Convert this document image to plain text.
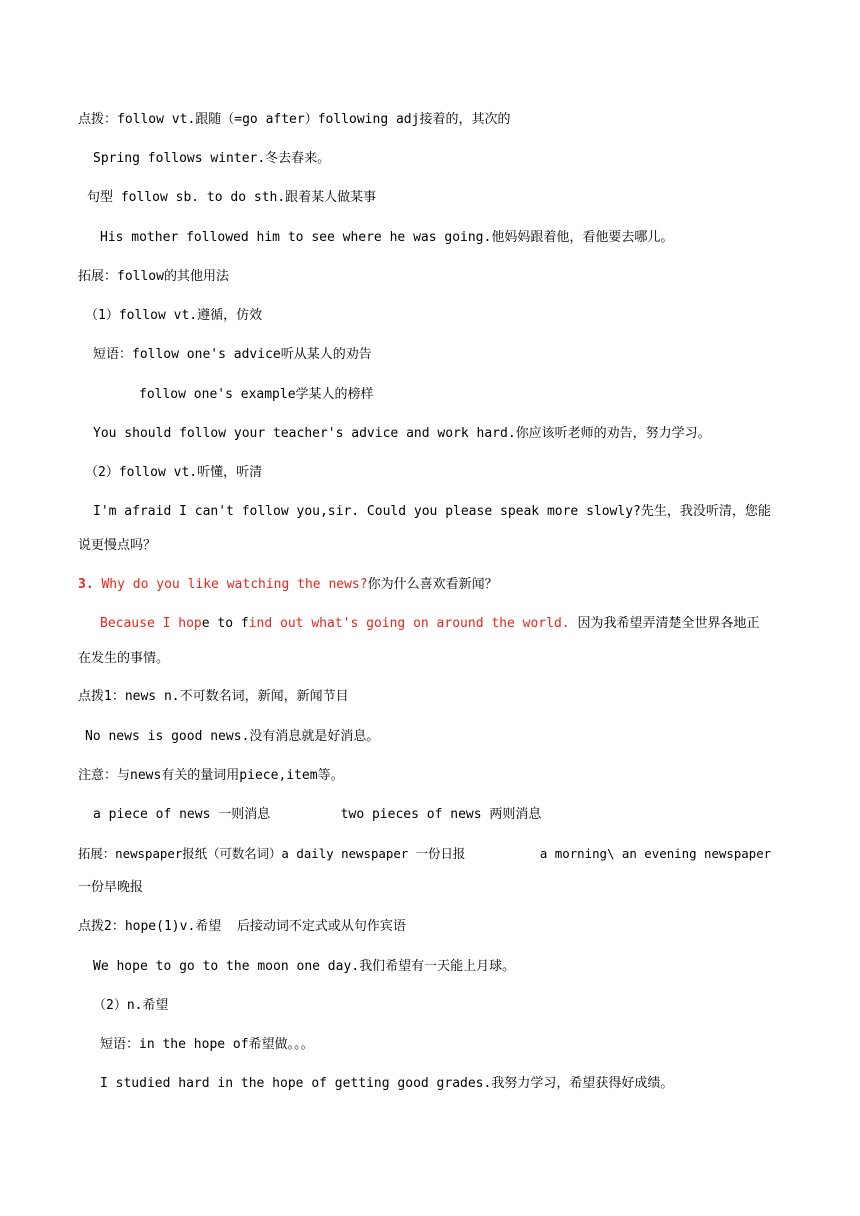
点拨：follow vt.跟随（=go after）following adj接着的，其次的
Spring follows winter.冬去春来。
句型 follow sb. to do sth.跟着某人做某事
His mother followed him to see where he was going.他妈妈跟着他，看他要去哪儿。
拓展：follow的其他用法
（1）follow vt.遵循，仿效
短语：follow one's advice听从某人的劝告
follow one's example学某人的榜样
You should follow your teacher's advice and work hard.你应该听老师的劝告，努力学习。
（2）follow vt.听懂，听清
I'm afraid I can't follow you,sir. Could you please speak more slowly?先生，我没听清，您能
说更慢点吗？
3. Why do you like watching the news?你为什么喜欢看新闻？
Because I hope to find out what's going on around the world. 因为我希望弄清楚全世界各地正
在发生的事情。
点拨1：news n.不可数名词，新闻，新闻节目
No news is good news.没有消息就是好消息。
注意：与news有关的量词用piece,item等。
a piece of news 一则消息         two pieces of news 两则消息
拓展：newspaper报纸（可数名词）a daily newspaper 一份日报          a morning\ an evening newspaper
一份早晚报
点拨2：hope(1)v.希望  后接动词不定式或从句作宾语
We hope to go to the moon one day.我们希望有一天能上月球。
（2）n.希望
短语：in the hope of希望做。。。
I studied hard in the hope of getting good grades.我努力学习，希望获得好成绩。
